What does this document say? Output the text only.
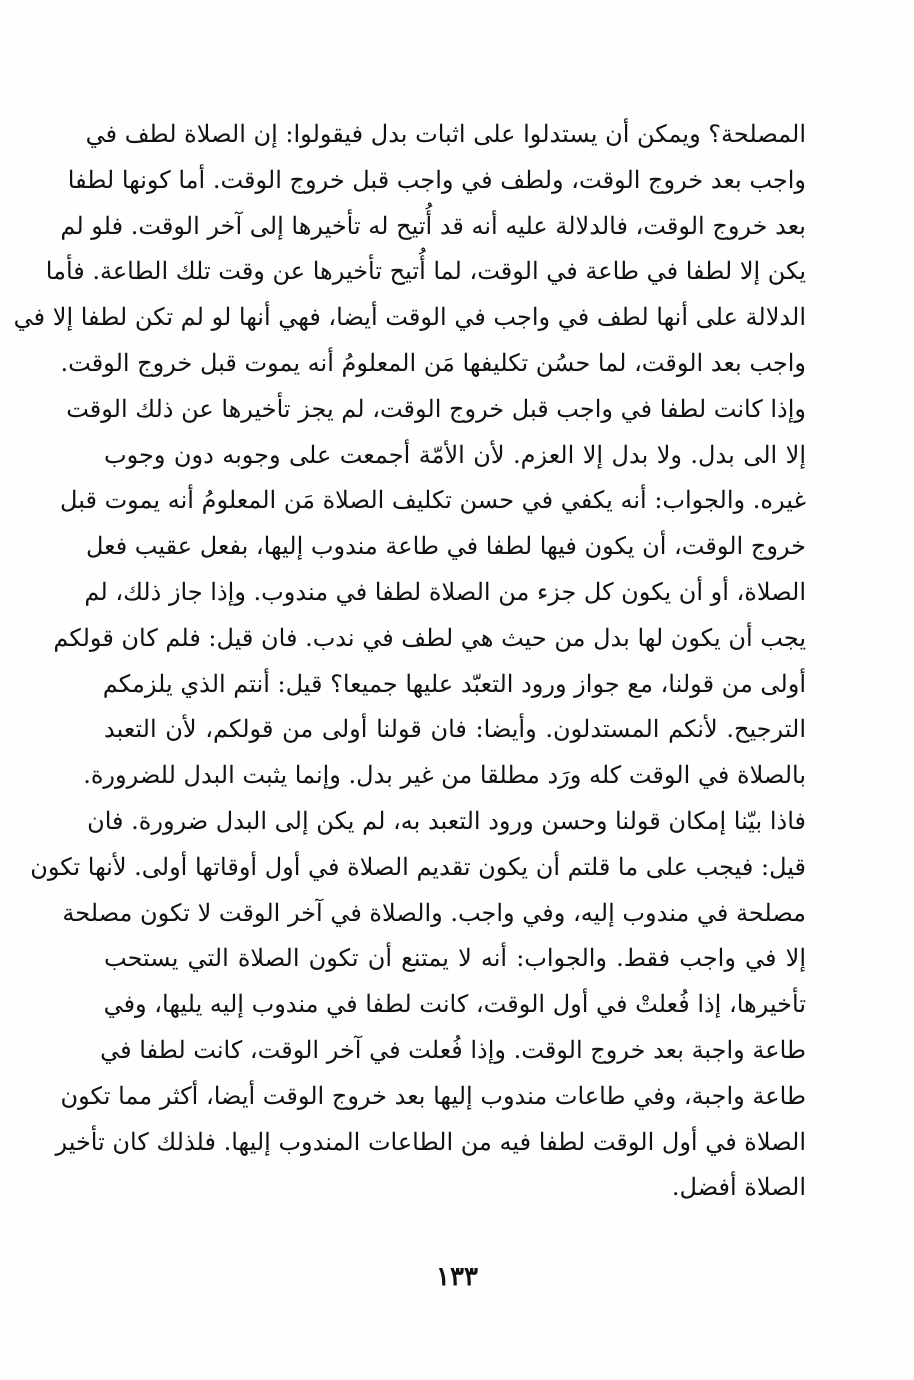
المصلحة؟ ويمكن أن يستدلوا على اثبات بدل فيقولوا: إن الصلاة لطف في
واجب بعد خروج الوقت، ولطف في واجب قبل خروج الوقت. أما كونها لطفا
بعد خروج الوقت، فالدلالة عليه أنه قد أُتيح له تأخيرها إلى آخر الوقت. فلو لم
يكن إلا لطفا في طاعة في الوقت، لما أُتيح تأخيرها عن وقت تلك الطاعة. فأما
الدلالة على أنها لطف في واجب في الوقت أيضا، فهي أنها لو لم تكن لطفا إلا في
واجب بعد الوقت، لما حسُن تكليفها مَن المعلومُ أنه يموت قبل خروج الوقت.
وإذا كانت لطفا في واجب قبل خروج الوقت، لم يجز تأخيرها عن ذلك الوقت
إلا الى بدل. ولا بدل إلا العزم. لأن الأمّة أجمعت على وجوبه دون وجوب
غيره. والجواب: أنه يكفي في حسن تكليف الصلاة مَن المعلومُ أنه يموت قبل
خروج الوقت، أن يكون فيها لطفا في طاعة مندوب إليها، بفعل عقيب فعل
الصلاة، أو أن يكون كل جزء من الصلاة لطفا في مندوب. وإذا جاز ذلك، لم
يجب أن يكون لها بدل من حيث هي لطف في ندب. فان قيل: فلم كان قولكم
أولى من قولنا، مع جواز ورود التعبّد عليها جميعا؟ قيل: أنتم الذي يلزمكم
الترجيح. لأنكم المستدلون. وأيضا: فان قولنا أولى من قولكم، لأن التعبد
بالصلاة في الوقت كله ورَد مطلقا من غير بدل. وإنما يثبت البدل للضرورة.
فاذا بيّنا إمكان قولنا وحسن ورود التعبد به، لم يكن إلى البدل ضرورة. فان
قيل: فيجب على ما قلتم أن يكون تقديم الصلاة في أول أوقاتها أولى. لأنها تكون
مصلحة في مندوب إليه، وفي واجب. والصلاة في آخر الوقت لا تكون مصلحة
إلا في واجب فقط. والجواب: أنه لا يمتنع أن تكون الصلاة التي يستحب
تأخيرها، إذا فُعلتْ في أول الوقت، كانت لطفا في مندوب إليه يليها، وفي
طاعة واجبة بعد خروج الوقت. وإذا فُعلت في آخر الوقت، كانت لطفا في
طاعة واجبة، وفي طاعات مندوب إليها بعد خروج الوقت أيضا، أكثر مما تكون
الصلاة في أول الوقت لطفا فيه من الطاعات المندوب إليها. فلذلك كان تأخير
الصلاة أفضل.
١٣٣
